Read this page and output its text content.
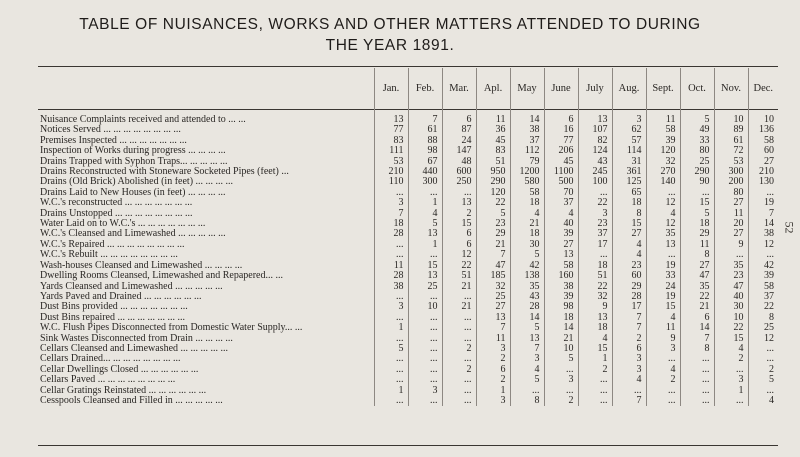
TABLE OF NUISANCES, WORKS AND OTHER MATTERS ATTENDED TO DURING
THE YEAR 1891.
52
	Jan.	Feb.	Mar.	Apl.	May	June	July	Aug.	Sept.	Oct.	Nov.	Dec.

Nuisance Complaints received and attended to ... ...	13	7	6	11	14	6	13	3	11	5	10	10
Notices Served ... ... ... ... ... ... ... ...	77	61	87	36	38	16	107	62	58	49	89	136
Premises Inspected ... ... ... ... ... ... ...	83	88	24	45	37	77	82	57	39	33	61	58
Inspection of Works during progress ... ... ... ...	111	98	147	83	112	206	124	114	120	80	72	60
Drains Trapped with Syphon Traps... ... ... ... ...	53	67	48	51	79	45	43	31	32	25	53	27
Drains Reconstructed with Stoneware Socketed Pipes (feet) ...	210	440	600	950	1200	1100	245	361	270	290	300	210
Drains (Old Brick) Abolished (in feet) ... ... ... ...	110	300	250	290	580	500	100	125	140	90	200	130
Drains Laid to New Houses (in feet) ... ... ... ...	...	...	...	120	58	70	...	65	...	...	80	...
W.C.'s reconstructed ... ... ... ... ... ... ...	3	1	13	22	18	37	22	18	12	15	27	19
Drains Unstopped ... ... ... ... ... ... ... ...	7	4	2	5	4	4	3	8	4	5	11	7
Water Laid on to W.C.'s ... ... ... ... ... ... ...	18	5	15	23	21	40	23	15	12	18	20	14
W.C.'s Cleansed and Limewashed ... ... ... ... ...	28	13	6	29	18	39	37	27	35	29	27	38
W.C.'s Repaired ... ... ... ... ... ... ... ...	...	1	6	21	30	27	17	4	13	11	9	12
W.C.'s Rebuilt ... ... ... ... ... ... ... ...	...	...	12	7	5	13	...	4	...	8	...	...
Wash-houses Cleansed and Limewashed ... ... ... ...	11	15	22	47	42	58	18	23	19	27	35	42
Dwelling Rooms Cleansed, Limewashed and Repapered... ...	28	13	51	185	138	160	51	60	33	47	23	39
Yards Cleansed and Limewashed ... ... ... ... ...	38	25	21	32	35	38	22	29	24	35	47	58
Yards Paved and Drained ... ... ... ... ... ...	...	...	...	25	43	39	32	28	19	22	40	37
Dust Bins provided ... ... ... ... ... ... ...	3	10	21	27	28	98	9	17	15	21	30	22
Dust Bins repaired ... ... ... ... ... ... ...	...	...	...	13	14	18	13	7	4	6	10	8
W.C. Flush Pipes Disconnected from Domestic Water Supply... ...	1	...	...	7	5	14	18	7	11	14	22	25
Sink Wastes Disconnected from Drain ... ... ... ...	...	...	...	11	13	21	4	2	9	7	15	12
Cellars Cleansed and Limewashed ... ... ... ... ...	5	...	2	3	7	10	15	6	3	8	4	...
Cellars Drained... ... ... ... ... ... ... ...	...	...	...	2	3	5	1	3	...	...	2	...
Cellar Dwellings Closed ... ... ... ... ... ...	...	...	2	6	4	...	2	3	4	...	...	2
Cellars Paved ... ... ... ... ... ... ... ...	...	...	...	2	5	3	...	4	2	...	3	5
Cellar Gratings Reinstated ... ... ... ... ... ...	1	3	...	1	...	...	...	...	...	...	1	...
Cesspools Cleansed and Filled in ... ... ... ... ...	...	...	...	3	8	2	...	7	...	...	...	4
